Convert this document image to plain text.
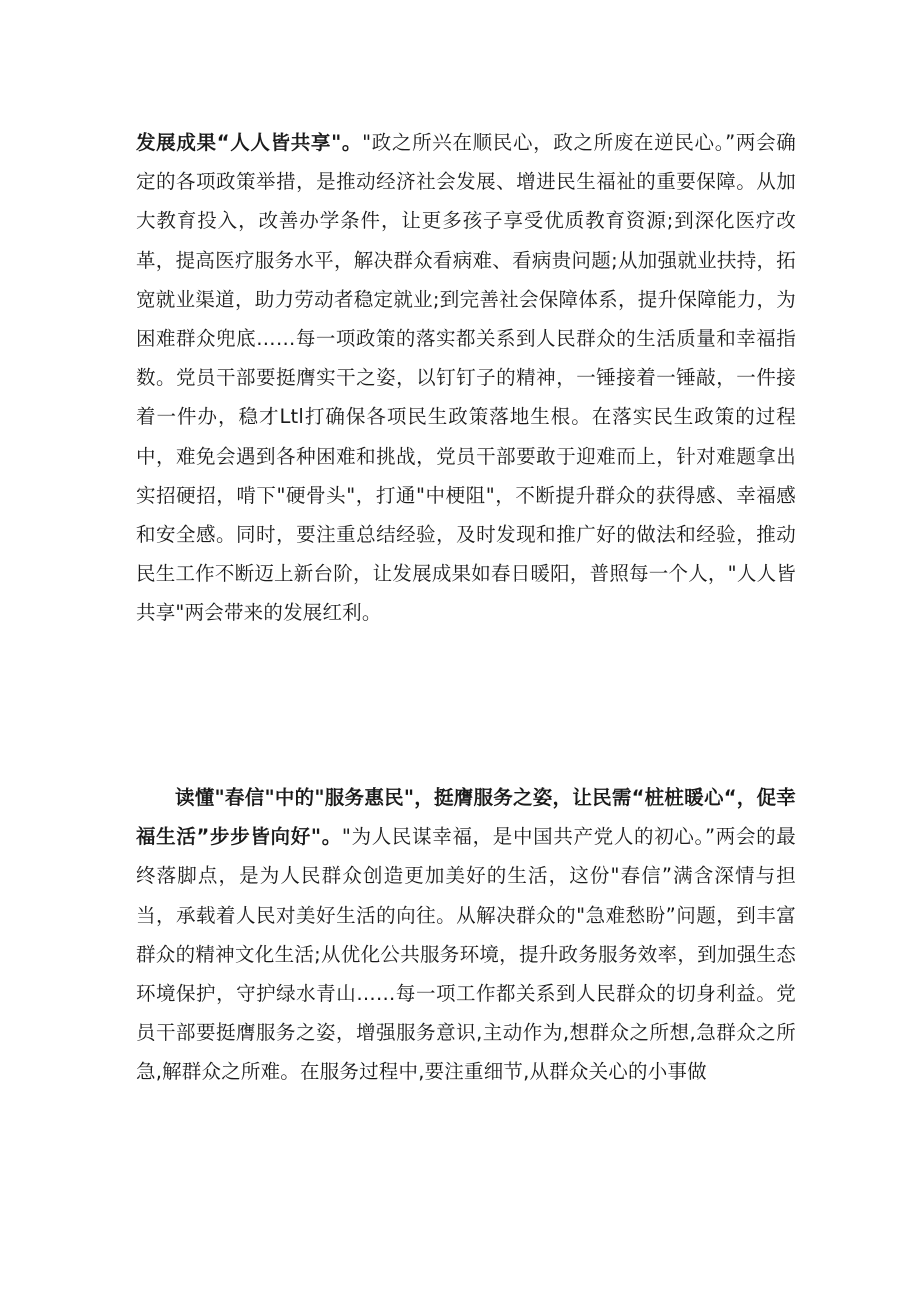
发展成果“人人皆共享"。"政之所兴在顺民心，政之所废在逆民心。”两会确定的各项政策举措，是推动经济社会发展、增进民生福祉的重要保障。从加大教育投入，改善办学条件，让更多孩子享受优质教育资源;到深化医疗改革，提高医疗服务水平，解决群众看病难、看病贵问题;从加强就业扶持，拓宽就业渠道，助力劳动者稳定就业;到完善社会保障体系，提升保障能力，为困难群众兜底……每一项政策的落实都关系到人民群众的生活质量和幸福指数。党员干部要挺膺实干之姿，以钉钉子的精神，一锤接着一锤敲，一件接着一件办，稳才Ltl打确保各项民生政策落地生根。在落实民生政策的过程中，难免会遇到各种困难和挑战，党员干部要敢于迎难而上，针对难题拿出实招硬招，啃下"硬骨头"，打通"中梗阻"，不断提升群众的获得感、幸福感和安全感。同时，要注重总结经验，及时发现和推广好的做法和经验，推动民生工作不断迈上新台阶，让发展成果如春日暖阳，普照每一个人，"人人皆共享"两会带来的发展红利。

读懂"春信"中的"服务惠民"，挺膺服务之姿，让民需“桩桩暖心“，促幸福生活”步步皆向好"。"为人民谋幸福，是中国共产党人的初心。”两会的最终落脚点，是为人民群众创造更加美好的生活，这份"春信”满含深情与担当，承载着人民对美好生活的向往。从解决群众的"急难愁盼”问题，到丰富群众的精神文化生活;从优化公共服务环境，提升政务服务效率，到加强生态环境保护，守护绿水青山……每一项工作都关系到人民群众的切身利益。党员干部要挺膺服务之姿，增强服务意识,主动作为,想群众之所想,急群众之所急,解群众之所难。在服务过程中,要注重细节,从群众关心的小事做
